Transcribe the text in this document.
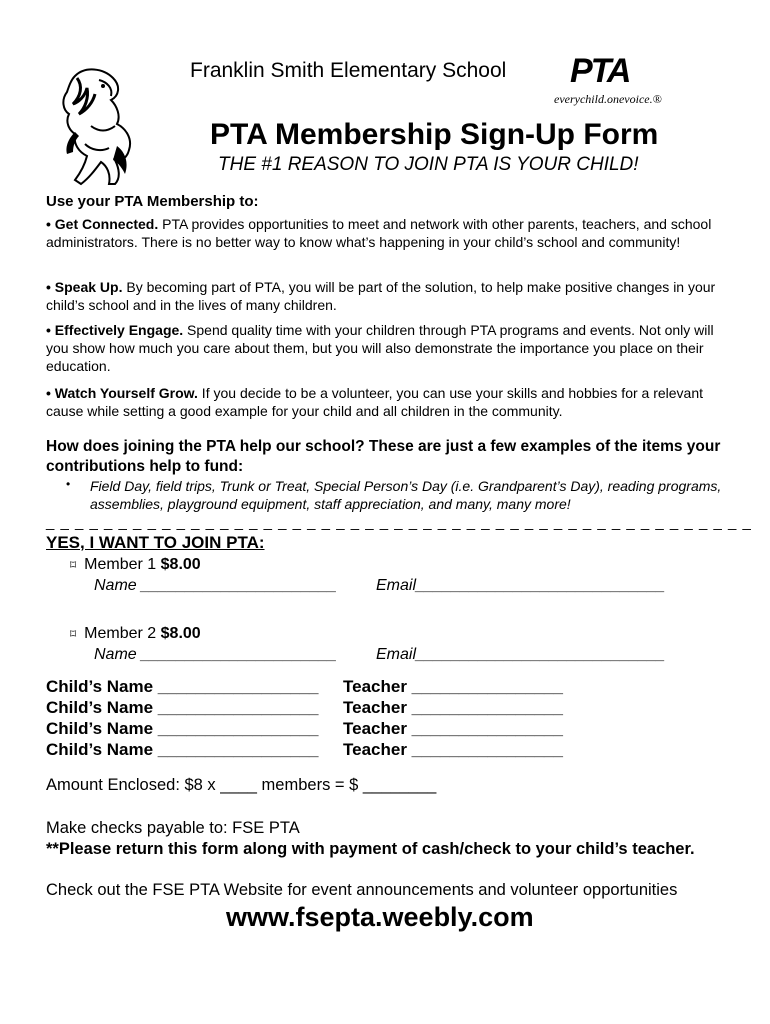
Franklin Smith Elementary School PTA
everychild.onevoice.®
PTA Membership Sign-Up Form
THE #1 REASON TO JOIN PTA IS YOUR CHILD!
Use your PTA Membership to:
• Get Connected. PTA provides opportunities to meet and network with other parents, teachers, and school administrators. There is no better way to know what’s happening in your child’s school and community!
• Speak Up. By becoming part of PTA, you will be part of the solution, to help make positive changes in your child’s school and in the lives of many children.
• Effectively Engage. Spend quality time with your children through PTA programs and events. Not only will you show how much you care about them, but you will also demonstrate the importance you place on their education.
• Watch Yourself Grow. If you decide to be a volunteer, you can use your skills and hobbies for a relevant cause while setting a good example for your child and all children in the community.
How does joining the PTA help our school? These are just a few examples of the items your contributions help to fund:
• Field Day, field trips, Trunk or Treat, Special Person’s Day (i.e. Grandparent’s Day), reading programs, assemblies, playground equipment, staff appreciation, and many, many more!
_ _ _ _ _ _ _ _ _ _ _ _ _ _ _ _ _ _ _ _ _ _ _ _ _ _ _ _ _ _ _ _ _ _ _ _ _ _ _ _ _ _ _ _ _ _ _ _ _
YES, I WANT TO JOIN PTA:
⌑ Member 1 $8.00
Name ______________________ Email____________________________
⌑ Member 2 $8.00
Name ______________________ Email____________________________
Child’s Name _________________ Teacher ________________
Child’s Name _________________ Teacher ________________
Child’s Name _________________ Teacher ________________
Child’s Name _________________ Teacher ________________
Amount Enclosed: $8 x ____ members = $ ________
Make checks payable to: FSE PTA
**Please return this form along with payment of cash/check to your child’s teacher.
Check out the FSE PTA Website for event announcements and volunteer opportunities
www.fsepta.weebly.com
